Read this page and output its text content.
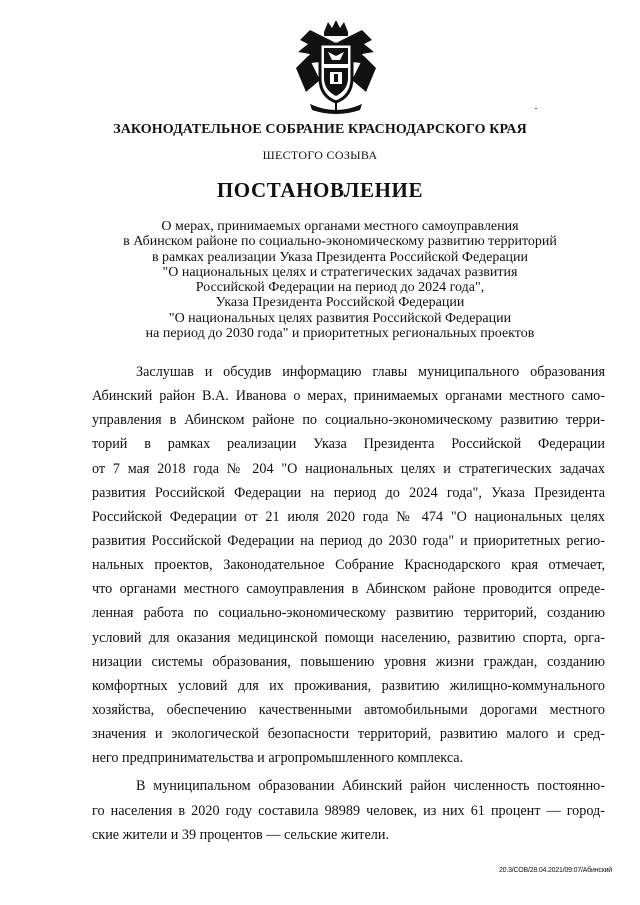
ЗАКОНОДАТЕЛЬНОЕ СОБРАНИЕ КРАСНОДАРСКОГО КРАЯ
ШЕСТОГО СОЗЫВА
ПОСТАНОВЛЕНИЕ
О мерах, принимаемых органами местного самоуправления
в Абинском районе по социально-экономическому развитию территорий
в рамках реализации Указа Президента Российской Федерации
"О национальных целях и стратегических задачах развития
Российской Федерации на период до 2024 года",
Указа Президента Российской Федерации
"О национальных целях развития Российской Федерации
на период до 2030 года" и приоритетных региональных проектов
Заслушав и обсудив информацию главы муниципального образования
Абинский район В.А. Иванова о мерах, принимаемых органами местного само-
управления в Абинском районе по социально-экономическому развитию терри-
торий в рамках реализации Указа Президента Российской Федерации
от 7 мая 2018 года № 204 "О национальных целях и стратегических задачах
развития Российской Федерации на период до 2024 года", Указа Президента
Российской Федерации от 21 июля 2020 года № 474 "О национальных целях
развития Российской Федерации на период до 2030 года" и приоритетных регио-
нальных проектов, Законодательное Собрание Краснодарского края отмечает,
что органами местного самоуправления в Абинском районе проводится опреде-
ленная работа по социально-экономическому развитию территорий, созданию
условий для оказания медицинской помощи населению, развитию спорта, орга-
низации системы образования, повышению уровня жизни граждан, созданию
комфортных условий для их проживания, развитию жилищно-коммунального
хозяйства, обеспечению качественными автомобильными дорогами местного
значения и экологической безопасности территорий, развитию малого и сред-
него предпринимательства и агропромышленного комплекса.
В муниципальном образовании Абинский район численность постоянно-
го населения в 2020 году составила 98989 человек, из них 61 процент — город-
ские жители и 39 процентов — сельские жители.
20.3/СОВ/28.04.2021/09:07/Абинский
